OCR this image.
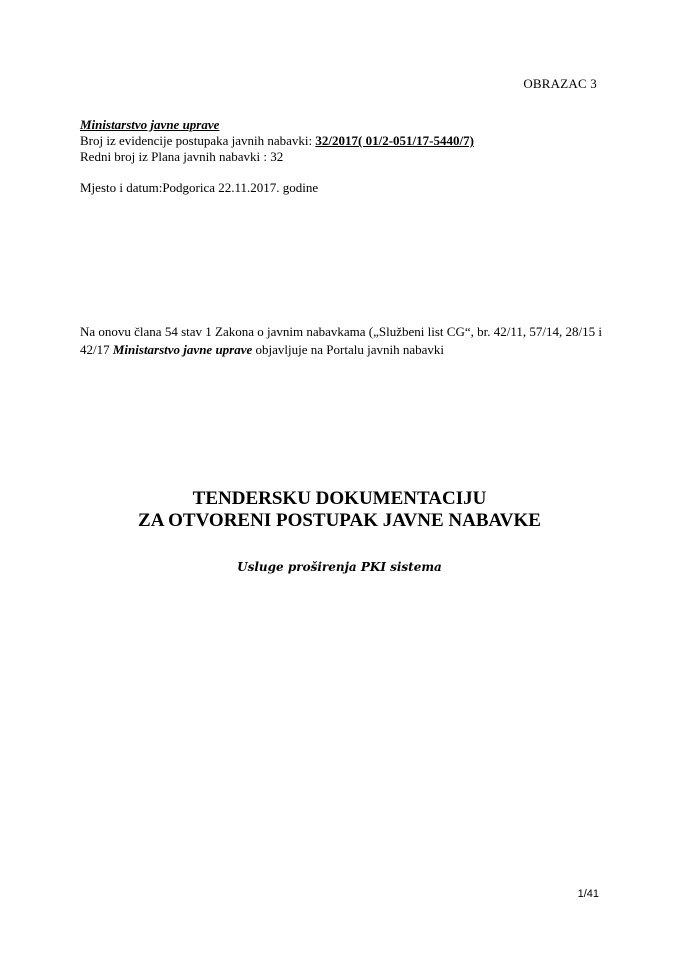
OBRAZAC 3
Ministarstvo javne uprave
Broj iz evidencije postupaka javnih nabavki: 32/2017( 01/2-051/17-5440/7)
Redni broj iz Plana javnih nabavki : 32
Mjesto i datum:Podgorica 22.11.2017. godine
Na onovu člana 54 stav 1 Zakona o javnim nabavkama („Službeni list CG“, br. 42/11, 57/14, 28/15 i 42/17 Ministarstvo javne uprave objavljuje na Portalu javnih nabavki
TENDERSKU DOKUMENTACIJU
ZA OTVORENI POSTUPAK JAVNE NABAVKE
Usluge proširenja PKI sistema
1/41
